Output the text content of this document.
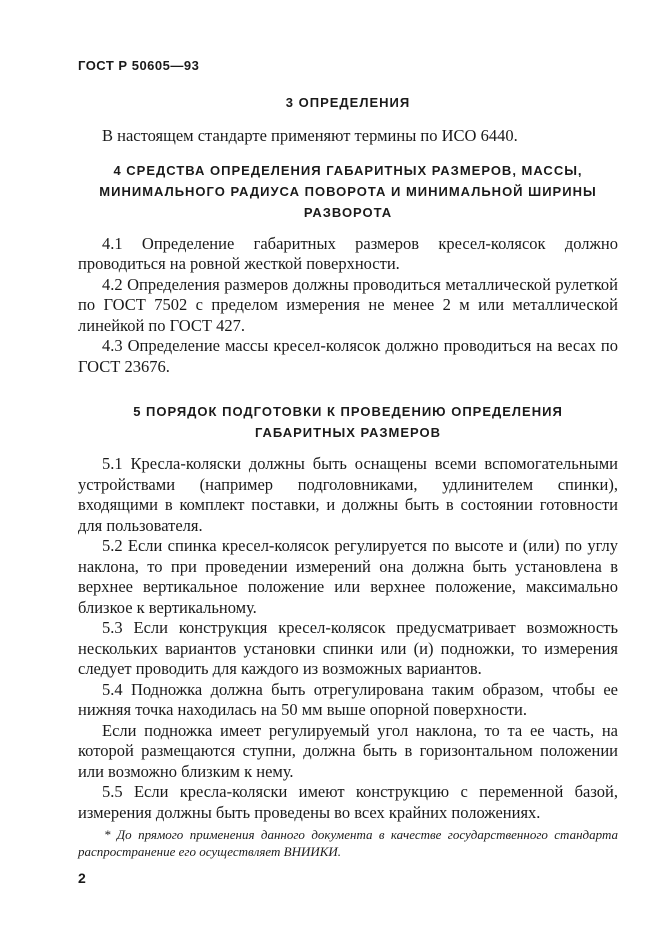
ГОСТ Р 50605—93

3 ОПРЕДЕЛЕНИЯ

В настоящем стандарте применяют термины по ИСО 6440.

4 СРЕДСТВА ОПРЕДЕЛЕНИЯ ГАБАРИТНЫХ РАЗМЕРОВ, МАССЫ,

МИНИМАЛЬНОГО РАДИУСА ПОВОРОТА И МИНИМАЛЬНОЙ ШИРИНЫ

РАЗВОРОТА

4.1 Определение габаритных размеров кресел-колясок должно проводиться на ровной жесткой поверхности.

4.2 Определения размеров должны проводиться металлической рулеткой по ГОСТ 7502 с пределом измерения не менее 2 м или металлической линейкой по ГОСТ 427.

4.3 Определение массы кресел-колясок должно проводиться на весах по ГОСТ 23676.

5 ПОРЯДОК ПОДГОТОВКИ К ПРОВЕДЕНИЮ ОПРЕДЕЛЕНИЯ

ГАБАРИТНЫХ РАЗМЕРОВ

5.1 Кресла-коляски должны быть оснащены всеми вспомогательными устройствами (например подголовниками, удлинителем спинки), входящими в комплект поставки, и должны быть в состоянии готовности для пользователя.

5.2 Если спинка кресел-колясок регулируется по высоте и (или) по углу наклона, то при проведении измерений она должна быть установлена в верхнее вертикальное положение или верхнее положение, максимально близкое к вертикальному.

5.3 Если конструкция кресел-колясок предусматривает возможность нескольких вариантов установки спинки или (и) подножки, то измерения следует проводить для каждого из возможных вариантов.

5.4 Подножка должна быть отрегулирована таким образом, чтобы ее нижняя точка находилась на 50 мм выше опорной поверхности.

Если подножка имеет регулируемый угол наклона, то та ее часть, на которой размещаются ступни, должна быть в горизонтальном положении или возможно близким к нему.

5.5 Если кресла-коляски имеют конструкцию с переменной базой, измерения должны быть проведены во всех крайних положениях.

* До прямого применения данного документа в качестве государственного стандарта распространение его осуществляет ВНИИКИ.
2
